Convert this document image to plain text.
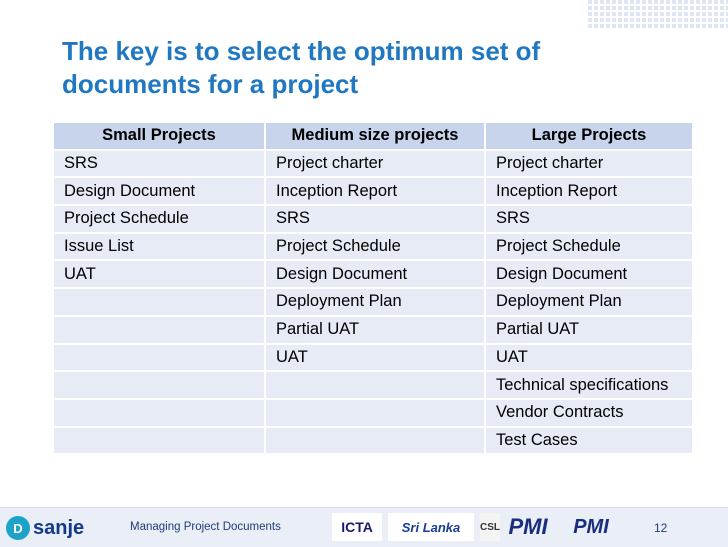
The key is to select the optimum set of documents for a project
Small Projects	Medium size projects	Large Projects
SRS	Project charter	Project charter
Design Document	Inception Report	Inception Report
Project Schedule	SRS	SRS
Issue List	Project Schedule	Project Schedule
UAT	Design Document	Design Document
	Deployment Plan	Deployment Plan
	Partial UAT	Partial UAT
	UAT	UAT
		Technical specifications
		Vendor Contracts
		Test Cases
D sanje	Managing Project Documents	ICTA	Sri Lanka	CSL PMI	PMI	12
